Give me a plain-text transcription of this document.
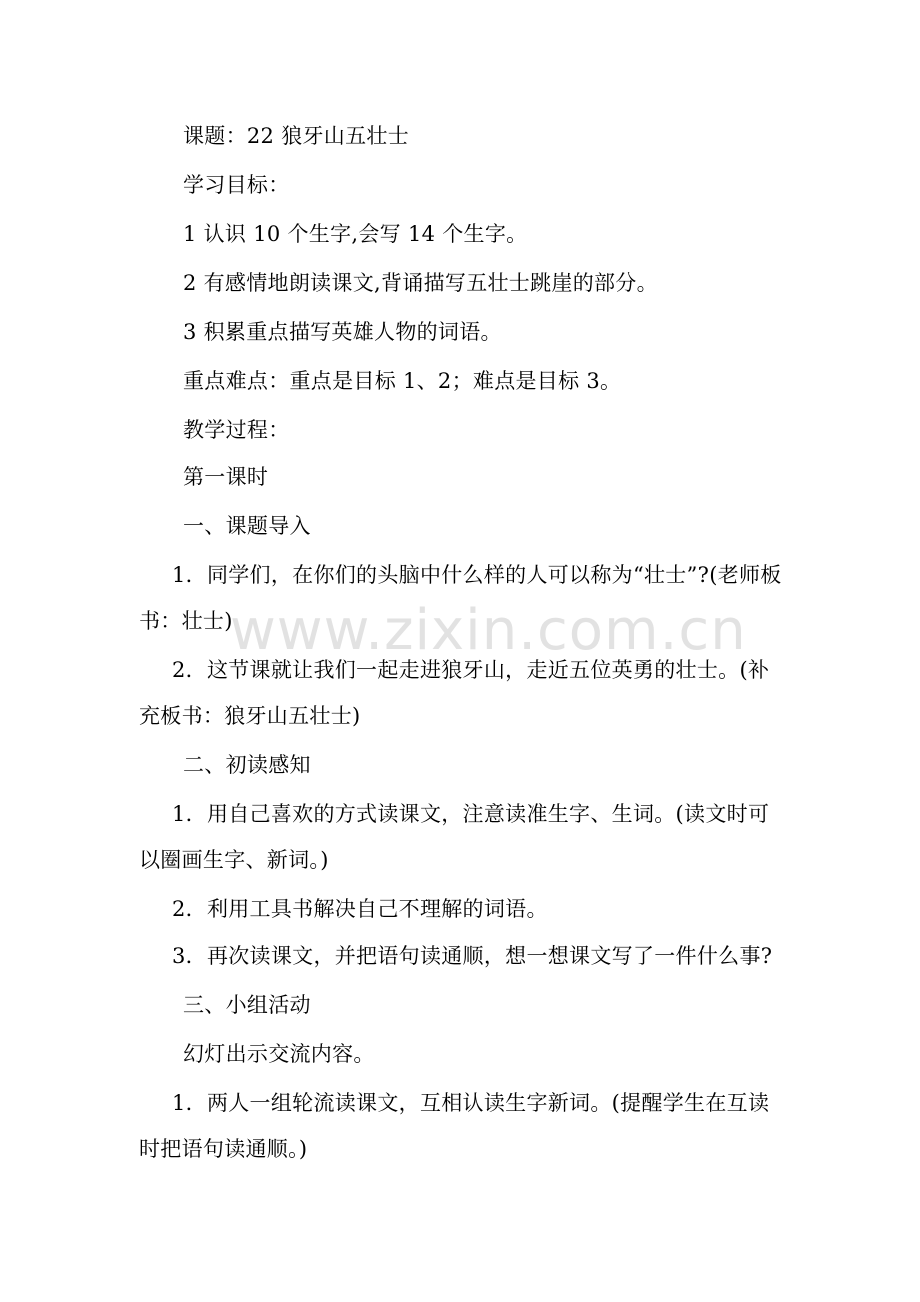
www.zixin.com.cn
课题：22 狼牙山五壮士
学习目标：
1 认识 10 个生字,会写 14 个生字。
2 有感情地朗读课文,背诵描写五壮士跳崖的部分。
3 积累重点描写英雄人物的词语。
重点难点：重点是目标 1、2；难点是目标 3。
教学过程：
第一课时
一、课题导入
1．同学们，在你们的头脑中什么样的人可以称为“壮士”?(老师板
书：壮士)
2．这节课就让我们一起走进狼牙山，走近五位英勇的壮士。(补
充板书：狼牙山五壮士)
二、初读感知
1．用自己喜欢的方式读课文，注意读准生字、生词。(读文时可
以圈画生字、新词。)
2．利用工具书解决自己不理解的词语。
3．再次读课文，并把语句读通顺，想一想课文写了一件什么事?
三、小组活动
幻灯出示交流内容。
1．两人一组轮流读课文，互相认读生字新词。(提醒学生在互读
时把语句读通顺。)
